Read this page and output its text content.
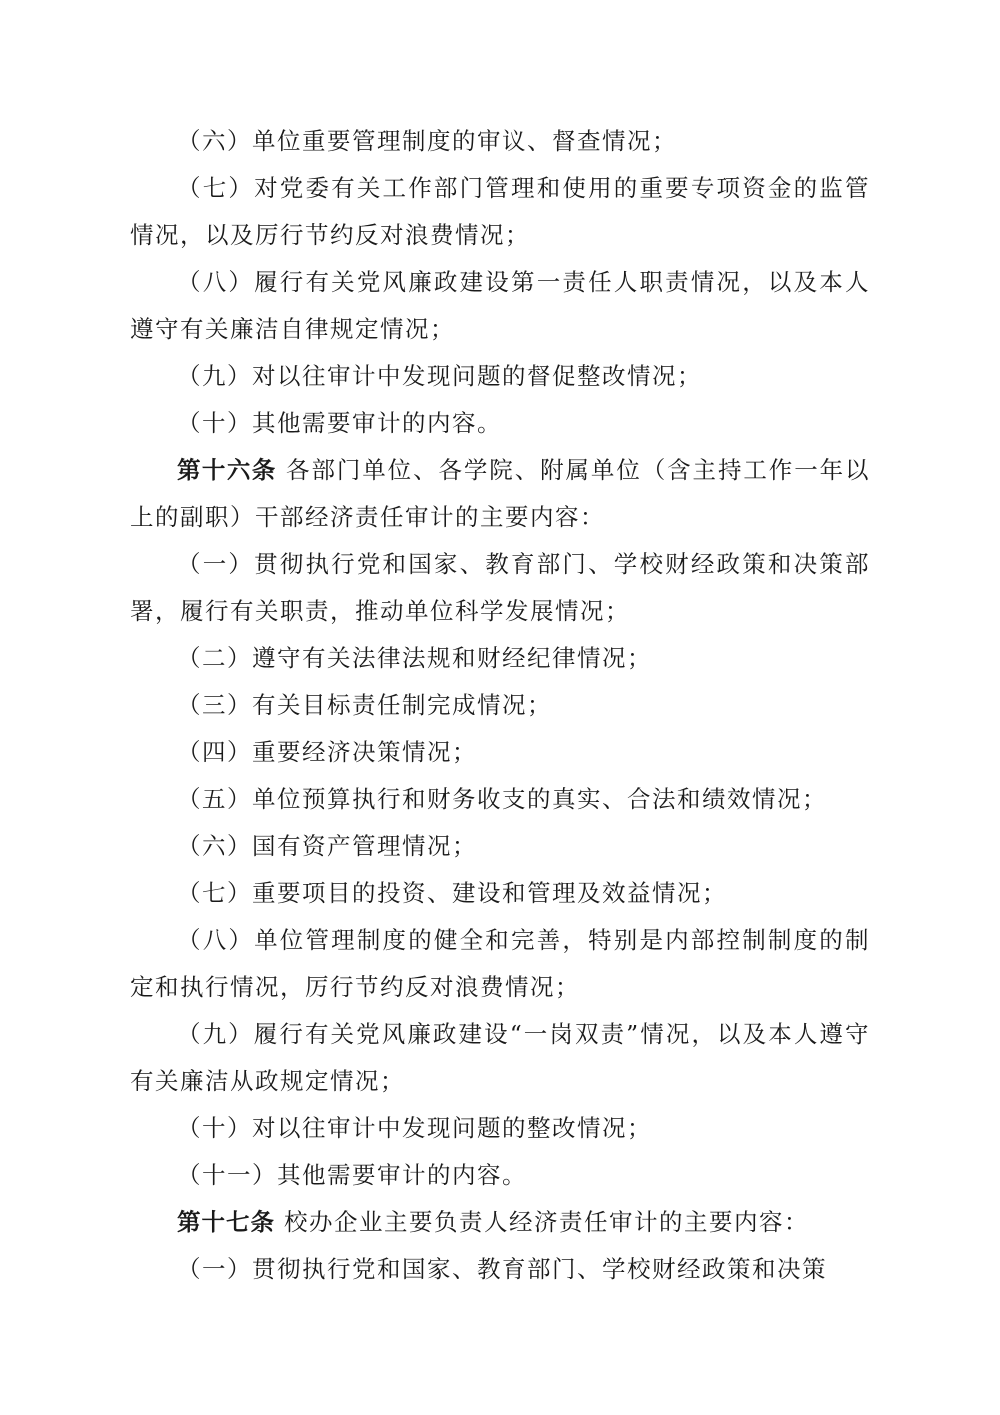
（六）单位重要管理制度的审议、督查情况；

（七）对党委有关工作部门管理和使用的重要专项资金的监管情况，以及厉行节约反对浪费情况；

（八）履行有关党风廉政建设第一责任人职责情况，以及本人遵守有关廉洁自律规定情况；

（九）对以往审计中发现问题的督促整改情况；

（十）其他需要审计的内容。

第十六条 各部门单位、各学院、附属单位（含主持工作一年以上的副职）干部经济责任审计的主要内容：

（一）贯彻执行党和国家、教育部门、学校财经政策和决策部署，履行有关职责，推动单位科学发展情况；

（二）遵守有关法律法规和财经纪律情况；

（三）有关目标责任制完成情况；

（四）重要经济决策情况；

（五）单位预算执行和财务收支的真实、合法和绩效情况；

（六）国有资产管理情况；

（七）重要项目的投资、建设和管理及效益情况；

（八）单位管理制度的健全和完善，特别是内部控制制度的制定和执行情况，厉行节约反对浪费情况；

（九）履行有关党风廉政建设“一岗双责”情况，以及本人遵守有关廉洁从政规定情况；

（十）对以往审计中发现问题的整改情况；

（十一）其他需要审计的内容。

第十七条 校办企业主要负责人经济责任审计的主要内容：

（一）贯彻执行党和国家、教育部门、学校财经政策和决策
